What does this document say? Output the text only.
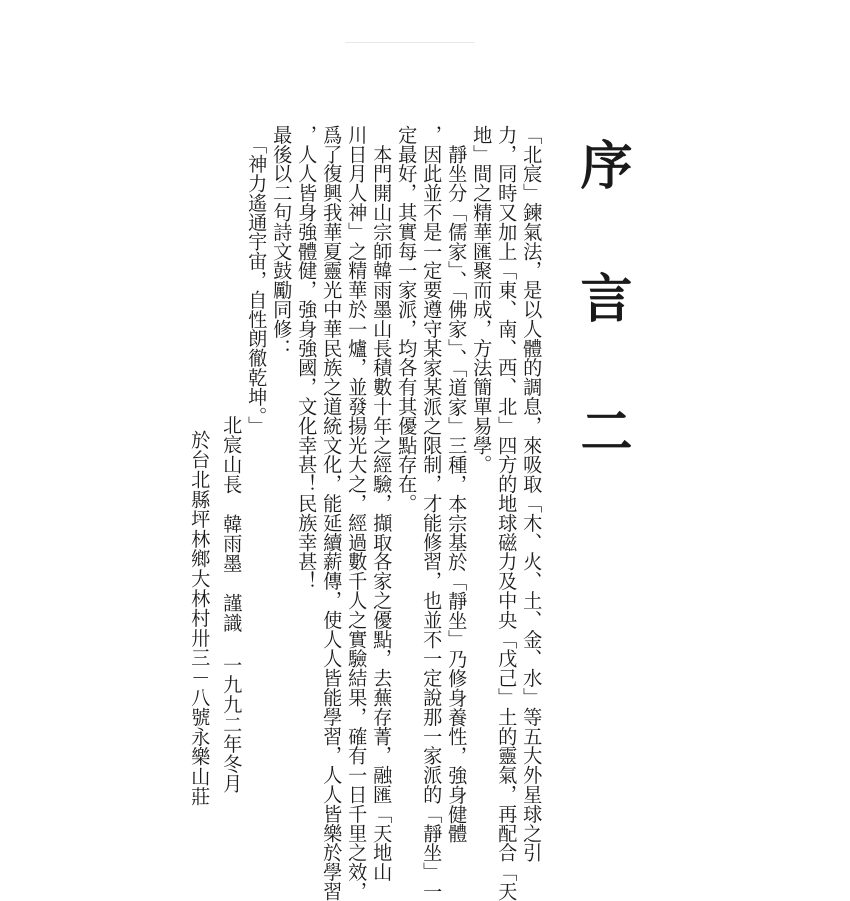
序 言 二
「北宸」鍊氣法，是以人體的調息，來吸取「木、火、土、金、水」等五大外星球之引
力，同時又加上「東、南、西、北」四方的地球磁力及中央「戊己」土的靈氣，再配合「天
地」間之精華匯聚而成，方法簡單易學。
　靜坐分「儒家」、「佛家」、「道家」三種，本宗基於「靜坐」乃修身養性，強身健體
，因此並不是一定要遵守某家某派之限制，才能修習，也並不一定說那一家派的「靜坐」一
定最好，其實每一家派，均各有其優點存在。
　本門開山宗師韓雨墨山長積數十年之經驗，擷取各家之優點，去蕪存菁，融匯「天地山
川日月人神」之精華於一爐，並發揚光大之，經過數千人之實驗結果，確有一日千里之效，
爲了復興我華夏靈光中華民族之道統文化，能延續薪傳，使人人皆能學習，人人皆樂於學習
，人人皆身強體健，強身強國，文化幸甚！民族幸甚！
最後以二句詩文鼓勵同修：
　「神力遙通宇宙，自性朗徹乾坤。」
北宸山長　韓雨墨　謹識
一九九二年冬月
於台北縣坪林鄉大林村卅三－八號永樂山莊
